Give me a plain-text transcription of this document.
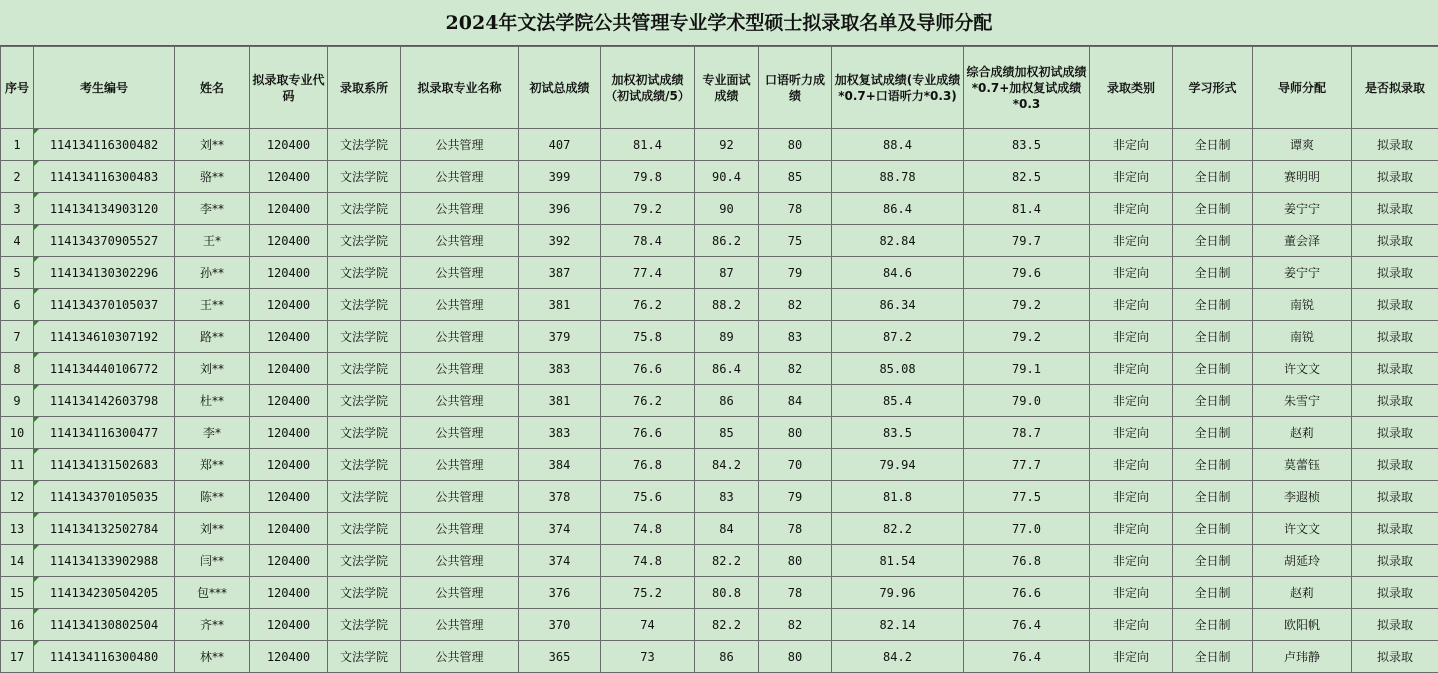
2024年文法学院公共管理专业学术型硕士拟录取名单及导师分配
序号	考生编号	姓名	拟录取专业代码	录取系所	拟录取专业名称	初试总成绩	加权初试成绩（初试成绩/5）	专业面试成绩	口语听力成绩	加权复试成绩(专业成绩*0.7+口语听力*0.3)	综合成绩加权初试成绩*0.7+加权复试成绩*0.3	录取类别	学习形式	导师分配	是否拟录取
1	114134116300482	刘**	120400	文法学院	公共管理	407	81.4	92	80	88.4	83.5	非定向	全日制	谭爽	拟录取
2	114134116300483	骆**	120400	文法学院	公共管理	399	79.8	90.4	85	88.78	82.5	非定向	全日制	赛明明	拟录取
3	114134134903120	李**	120400	文法学院	公共管理	396	79.2	90	78	86.4	81.4	非定向	全日制	姜宁宁	拟录取
4	114134370905527	王*	120400	文法学院	公共管理	392	78.4	86.2	75	82.84	79.7	非定向	全日制	董会泽	拟录取
5	114134130302296	孙**	120400	文法学院	公共管理	387	77.4	87	79	84.6	79.6	非定向	全日制	姜宁宁	拟录取
6	114134370105037	王**	120400	文法学院	公共管理	381	76.2	88.2	82	86.34	79.2	非定向	全日制	南锐	拟录取
7	114134610307192	路**	120400	文法学院	公共管理	379	75.8	89	83	87.2	79.2	非定向	全日制	南锐	拟录取
8	114134440106772	刘**	120400	文法学院	公共管理	383	76.6	86.4	82	85.08	79.1	非定向	全日制	许文文	拟录取
9	114134142603798	杜**	120400	文法学院	公共管理	381	76.2	86	84	85.4	79.0	非定向	全日制	朱雪宁	拟录取
10	114134116300477	李*	120400	文法学院	公共管理	383	76.6	85	80	83.5	78.7	非定向	全日制	赵莉	拟录取
11	114134131502683	郑**	120400	文法学院	公共管理	384	76.8	84.2	70	79.94	77.7	非定向	全日制	莫蕾钰	拟录取
12	114134370105035	陈**	120400	文法学院	公共管理	378	75.6	83	79	81.8	77.5	非定向	全日制	李遐桢	拟录取
13	114134132502784	刘**	120400	文法学院	公共管理	374	74.8	84	78	82.2	77.0	非定向	全日制	许文文	拟录取
14	114134133902988	闫**	120400	文法学院	公共管理	374	74.8	82.2	80	81.54	76.8	非定向	全日制	胡延玲	拟录取
15	114134230504205	包***	120400	文法学院	公共管理	376	75.2	80.8	78	79.96	76.6	非定向	全日制	赵莉	拟录取
16	114134130802504	齐**	120400	文法学院	公共管理	370	74	82.2	82	82.14	76.4	非定向	全日制	欧阳帆	拟录取
17	114134116300480	林**	120400	文法学院	公共管理	365	73	86	80	84.2	76.4	非定向	全日制	卢玮静	拟录取
